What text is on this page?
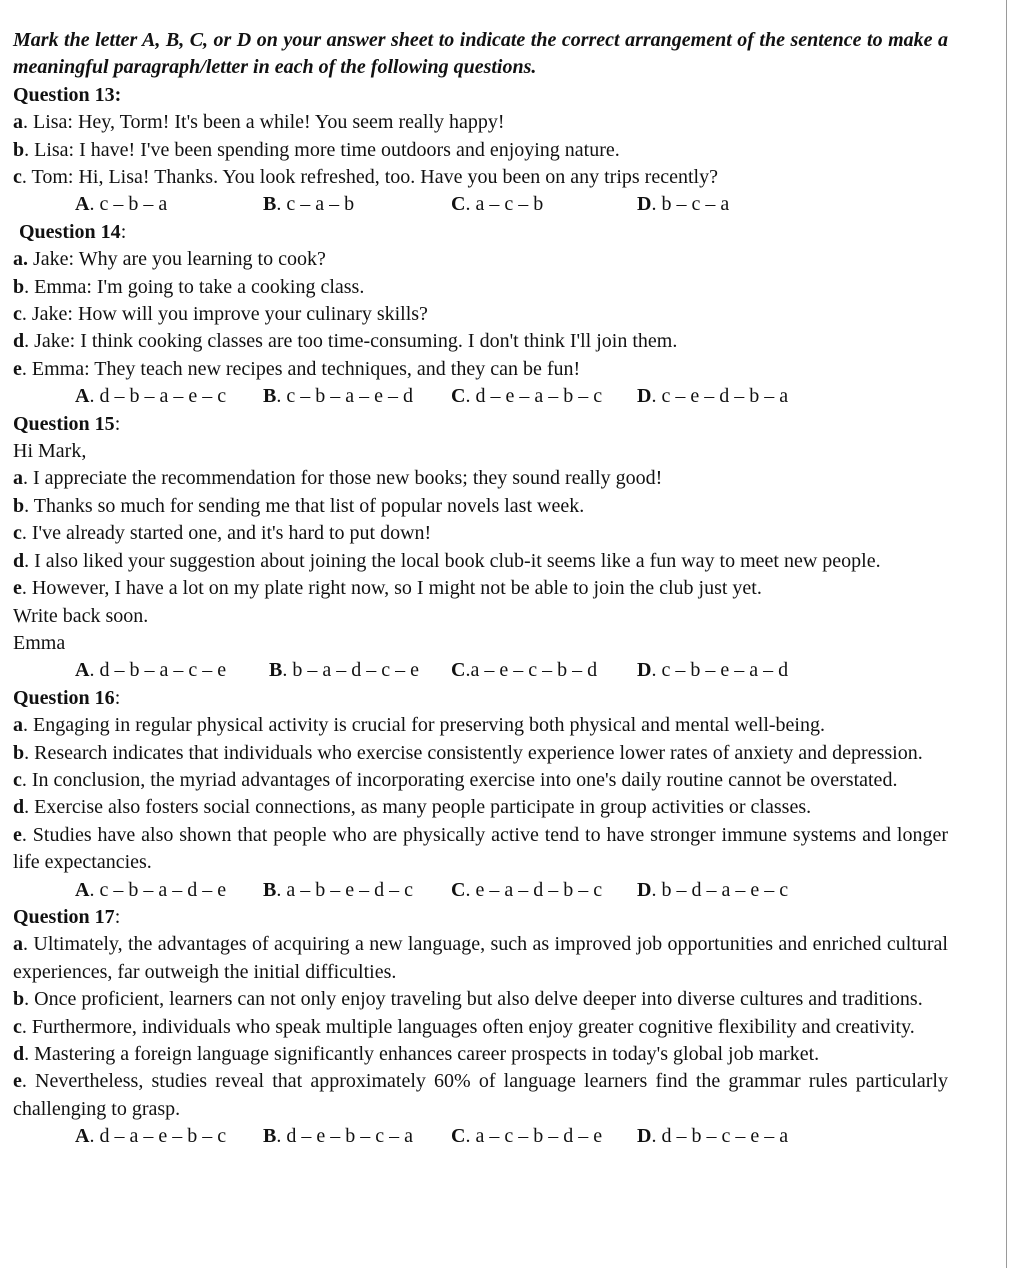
Mark the letter A, B, C, or D on your answer sheet to indicate the correct arrangement of the sentence to make a meaningful paragraph/letter in each of the following questions.

Question 13:

a. Lisa: Hey, Torm! It's been a while! You seem really happy!

b. Lisa: I have! I've been spending more time outdoors and enjoying nature.

c. Tom: Hi, Lisa! Thanks. You look refreshed, too. Have you been on any trips recently?

A. c – b – a	B. c – a – b	C. a – c – b	D. b – c – a

Question 14:

a. Jake: Why are you learning to cook?

b. Emma: I'm going to take a cooking class.

c. Jake: How will you improve your culinary skills?

d. Jake: I think cooking classes are too time-consuming. I don't think I'll join them.

e. Emma: They teach new recipes and techniques, and they can be fun!

A. d – b – a – e – c B. c – b – a – e – d C. d – e – a – b – c D. c – e – d – b – a

Question 15:

Hi Mark,

a. I appreciate the recommendation for those new books; they sound really good!

b. Thanks so much for sending me that list of popular novels last week.

c. I've already started one, and it's hard to put down!

d. I also liked your suggestion about joining the local book club-it seems like a fun way to meet new people.

e. However, I have a lot on my plate right now, so I might not be able to join the club just yet.

Write back soon.

Emma

A. d – b – a – c – e B. b – a – d – c – e C.a – e – c – b – d D. c – b – e – a – d

Question 16:

a. Engaging in regular physical activity is crucial for preserving both physical and mental well-being.

b. Research indicates that individuals who exercise consistently experience lower rates of anxiety and depression.

c. In conclusion, the myriad advantages of incorporating exercise into one's daily routine cannot be overstated.

d. Exercise also fosters social connections, as many people participate in group activities or classes.

e. Studies have also shown that people who are physically active tend to have stronger immune systems and longer life expectancies.

A. c – b – a – d – e B. a – b – e – d – c C. e – a – d – b – c D. b – d – a – e – c

Question 17:

a. Ultimately, the advantages of acquiring a new language, such as improved job opportunities and enriched cultural experiences, far outweigh the initial difficulties.

b. Once proficient, learners can not only enjoy traveling but also delve deeper into diverse cultures and traditions.

c. Furthermore, individuals who speak multiple languages often enjoy greater cognitive flexibility and creativity.

d. Mastering a foreign language significantly enhances career prospects in today's global job market.

e. Nevertheless, studies reveal that approximately 60% of language learners find the grammar rules particularly challenging to grasp.

A. d – a – e – b – c B. d – e – b – c – a C. a – c – b – d – e D. d – b – c – e – a
